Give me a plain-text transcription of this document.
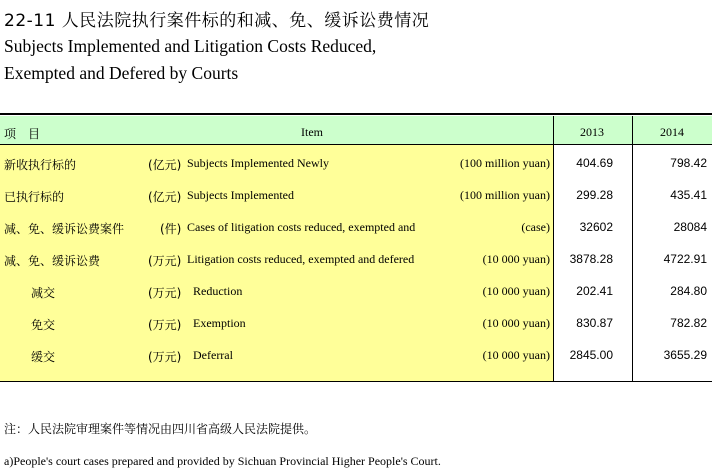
22-11 人民法院执行案件标的和减、免、缓诉讼费情况
Subjects Implemented and Litigation Costs Reduced,
Exempted and Defered by Courts
项　目	Item	2013	2014
新收执行标的	(亿元) Subjects Implemented Newly	(100 million yuan) 404.69	798.42
已执行标的	(亿元) Subjects Implemented	(100 million yuan) 299.28	435.41
减、免、缓诉讼费案件	(件) Cases of litigation costs reduced, exempted and	(case) 32602	28084
减、免、缓诉讼费	(万元) Litigation costs reduced, exempted and defered	(10 000 yuan) 3878.28	4722.91
减交	(万元) Reduction	(10 000 yuan) 202.41	284.80
免交	(万元) Exemption	(10 000 yuan) 830.87	782.82
缓交	(万元) Deferral	(10 000 yuan) 2845.00	3655.29
注：人民法院审理案件等情况由四川省高级人民法院提供。
a)People's court cases prepared and provided by Sichuan Provincial Higher People's Court.
